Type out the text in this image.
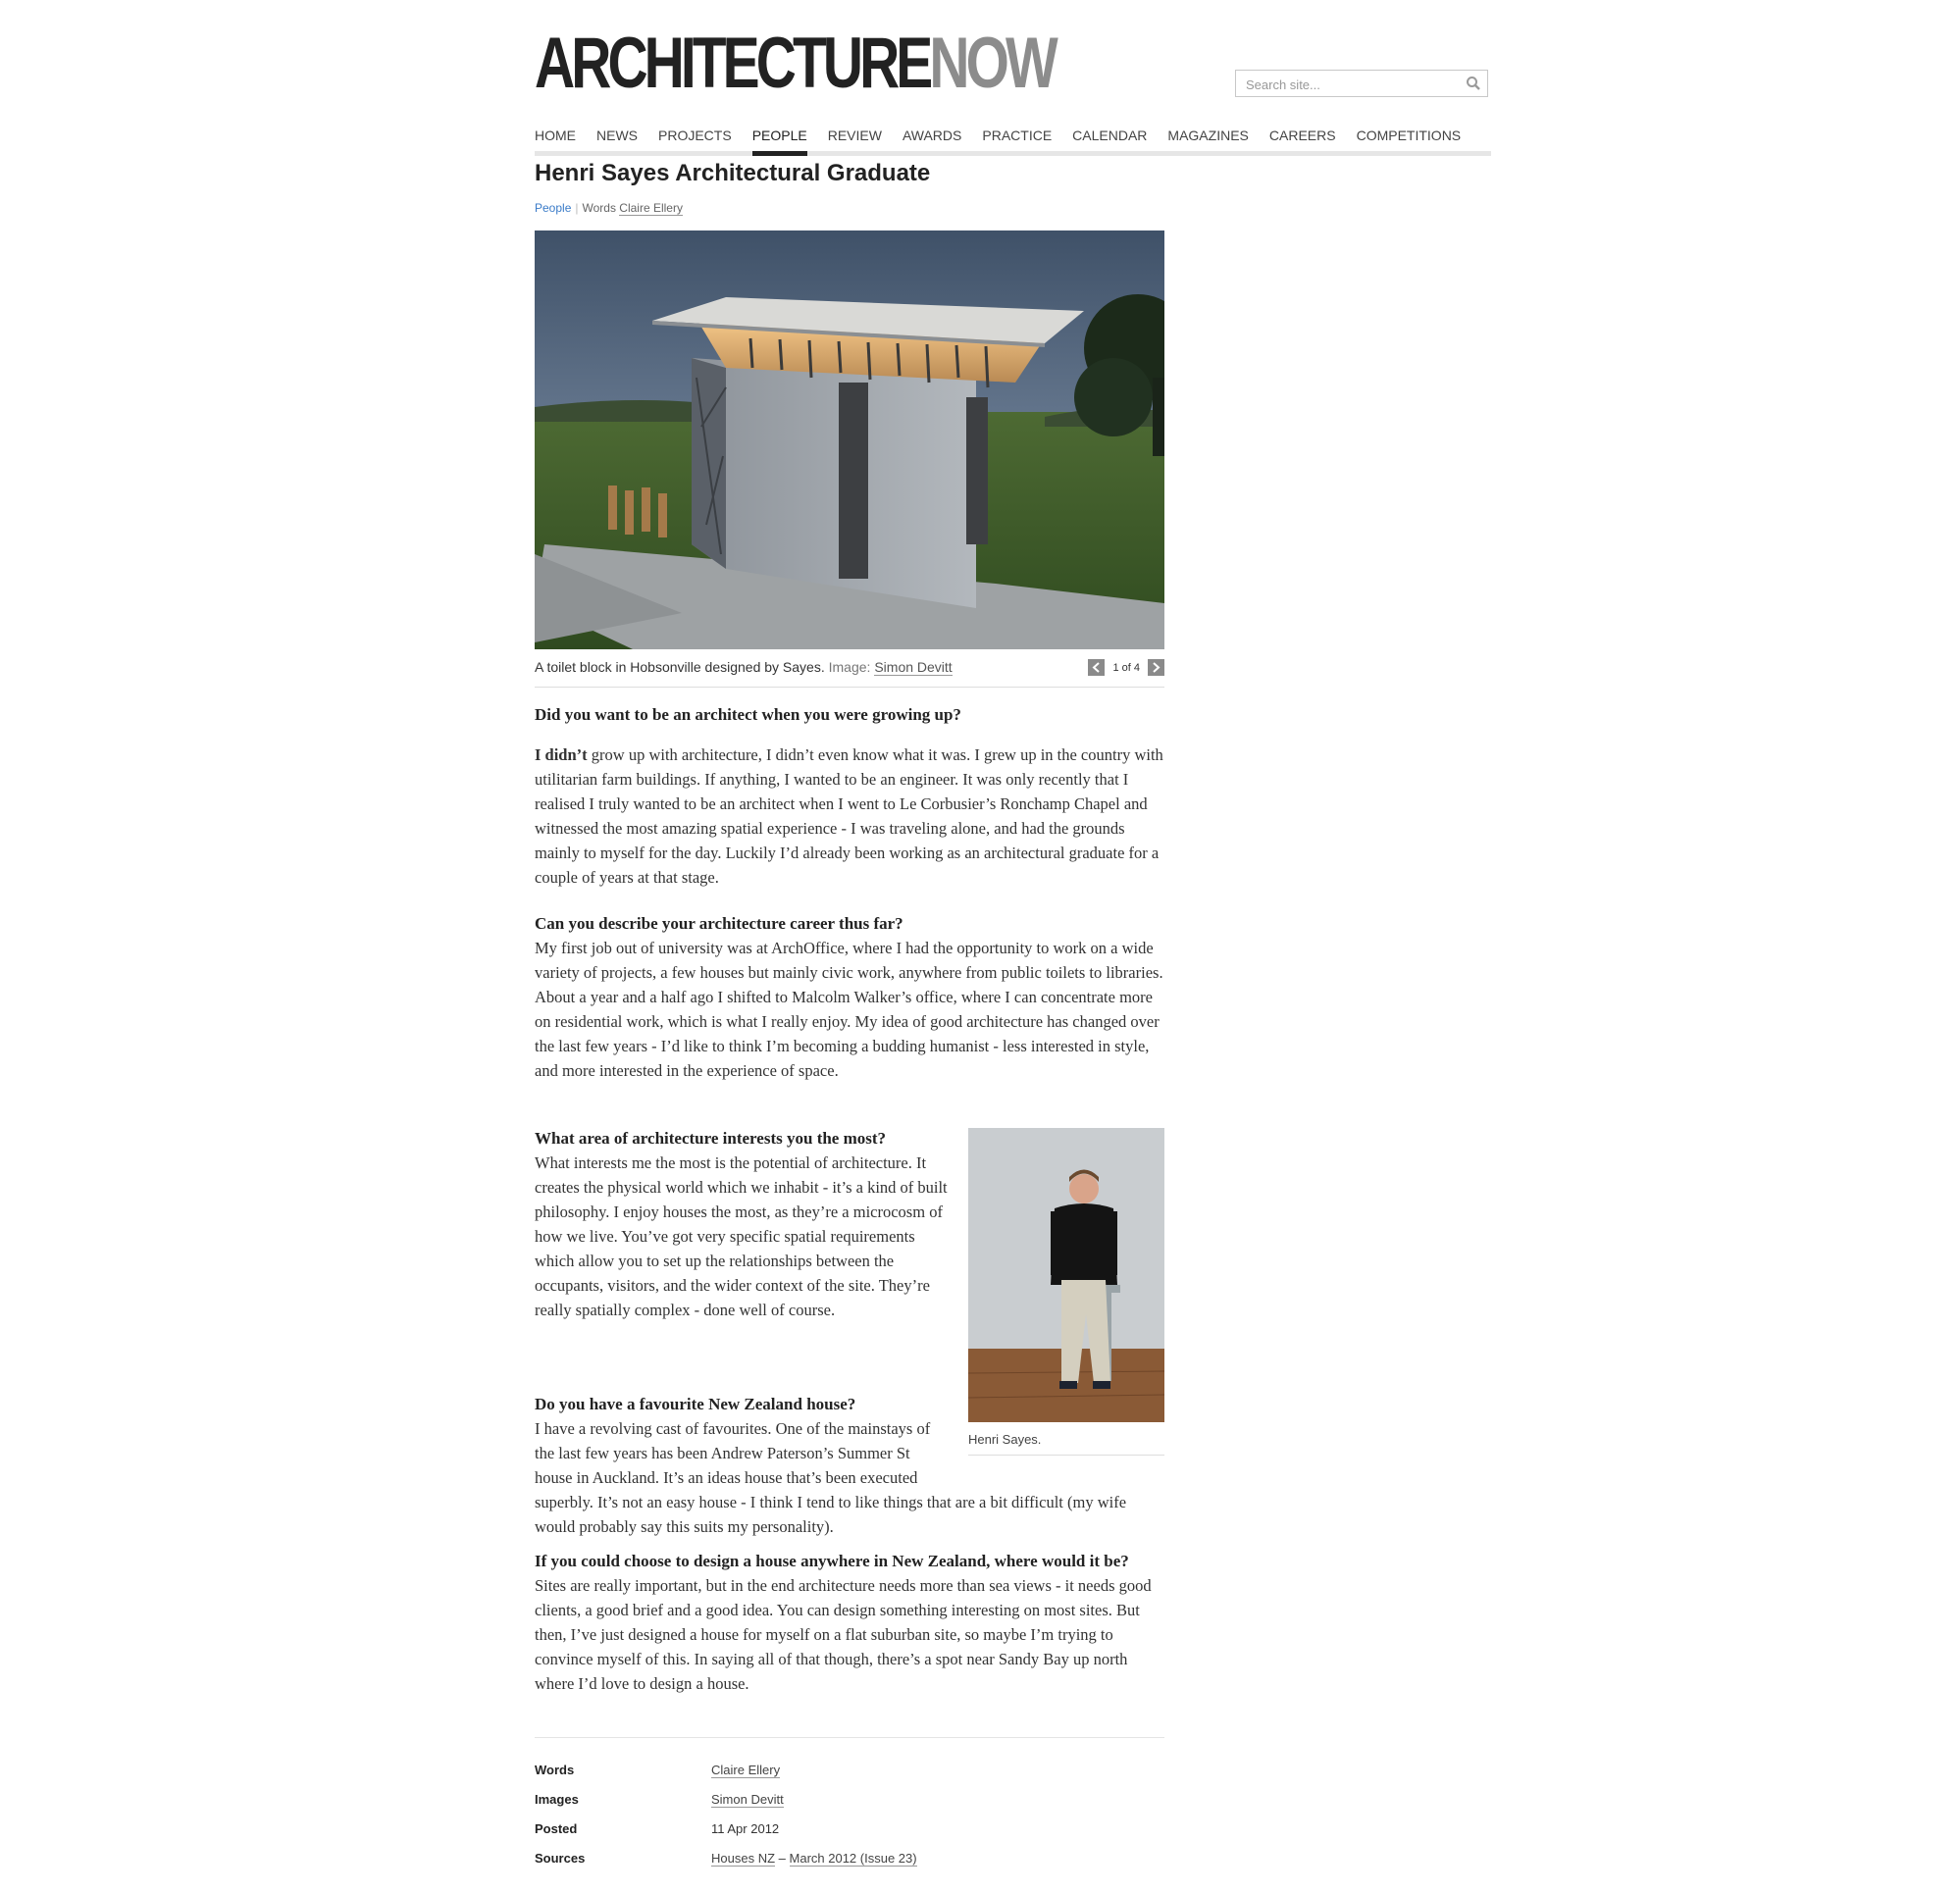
ARCHITECTURENOW
Search site...
HOME NEWS PROJECTS PEOPLE REVIEW AWARDS PRACTICE CALENDAR MAGAZINES CAREERS COMPETITIONS
Henri Sayes Architectural Graduate
People | Words Claire Ellery
A toilet block in Hobsonville designed by Sayes. Image: Simon Devitt	1 of 4
Did you want to be an architect when you were growing up?

I didn’t grow up with architecture, I didn’t even know what it was. I grew up in the country with utilitarian farm buildings. If anything, I wanted to be an engineer. It was only recently that I realised I truly wanted to be an architect when I went to Le Corbusier’s Ronchamp Chapel and witnessed the most amazing spatial experience - I was traveling alone, and had the grounds mainly to myself for the day. Luckily I’d already been working as an architectural graduate for a couple of years at that stage.

Can you describe your architecture career thus far?

My first job out of university was at ArchOffice, where I had the opportunity to work on a wide variety of projects, a few houses but mainly civic work, anywhere from public toilets to libraries. About a year and a half ago I shifted to Malcolm Walker’s office, where I can concentrate more on residential work, which is what I really enjoy. My idea of good architecture has changed over the last few years - I’d like to think I’m becoming a budding humanist - less interested in style, and more interested in the experience of space.

What area of architecture interests you the most?

What interests me the most is the potential of architecture. It creates the physical world which we inhabit - it’s a kind of built philosophy. I enjoy houses the most, as they’re a microcosm of how we live. You’ve got very specific spatial requirements which allow you to set up the relationships between the occupants, visitors, and the wider context of the site. They’re really spatially complex - done well of course.

Do you have a favourite New Zealand house?

I have a revolving cast of favourites. One of the mainstays of the last few years has been Andrew Paterson’s Summer St house in Auckland. It’s an ideas house that’s been executed superbly. It’s not an easy house - I think I tend to like things that are a bit difficult (my wife would probably say this suits my personality).

If you could choose to design a house anywhere in New Zealand, where would it be?

Sites are really important, but in the end architecture needs more than sea views - it needs good clients, a good brief and a good idea. You can design something interesting on most sites. But then, I’ve just designed a house for myself on a flat suburban site, so maybe I’m trying to convince myself of this. In saying all of that though, there’s a spot near Sandy Bay up north where I’d love to design a house.

Henri Sayes.
Words	Claire Ellery
Images	Simon Devitt
Posted	11 Apr 2012
Sources	Houses NZ – March 2012 (Issue 23)
